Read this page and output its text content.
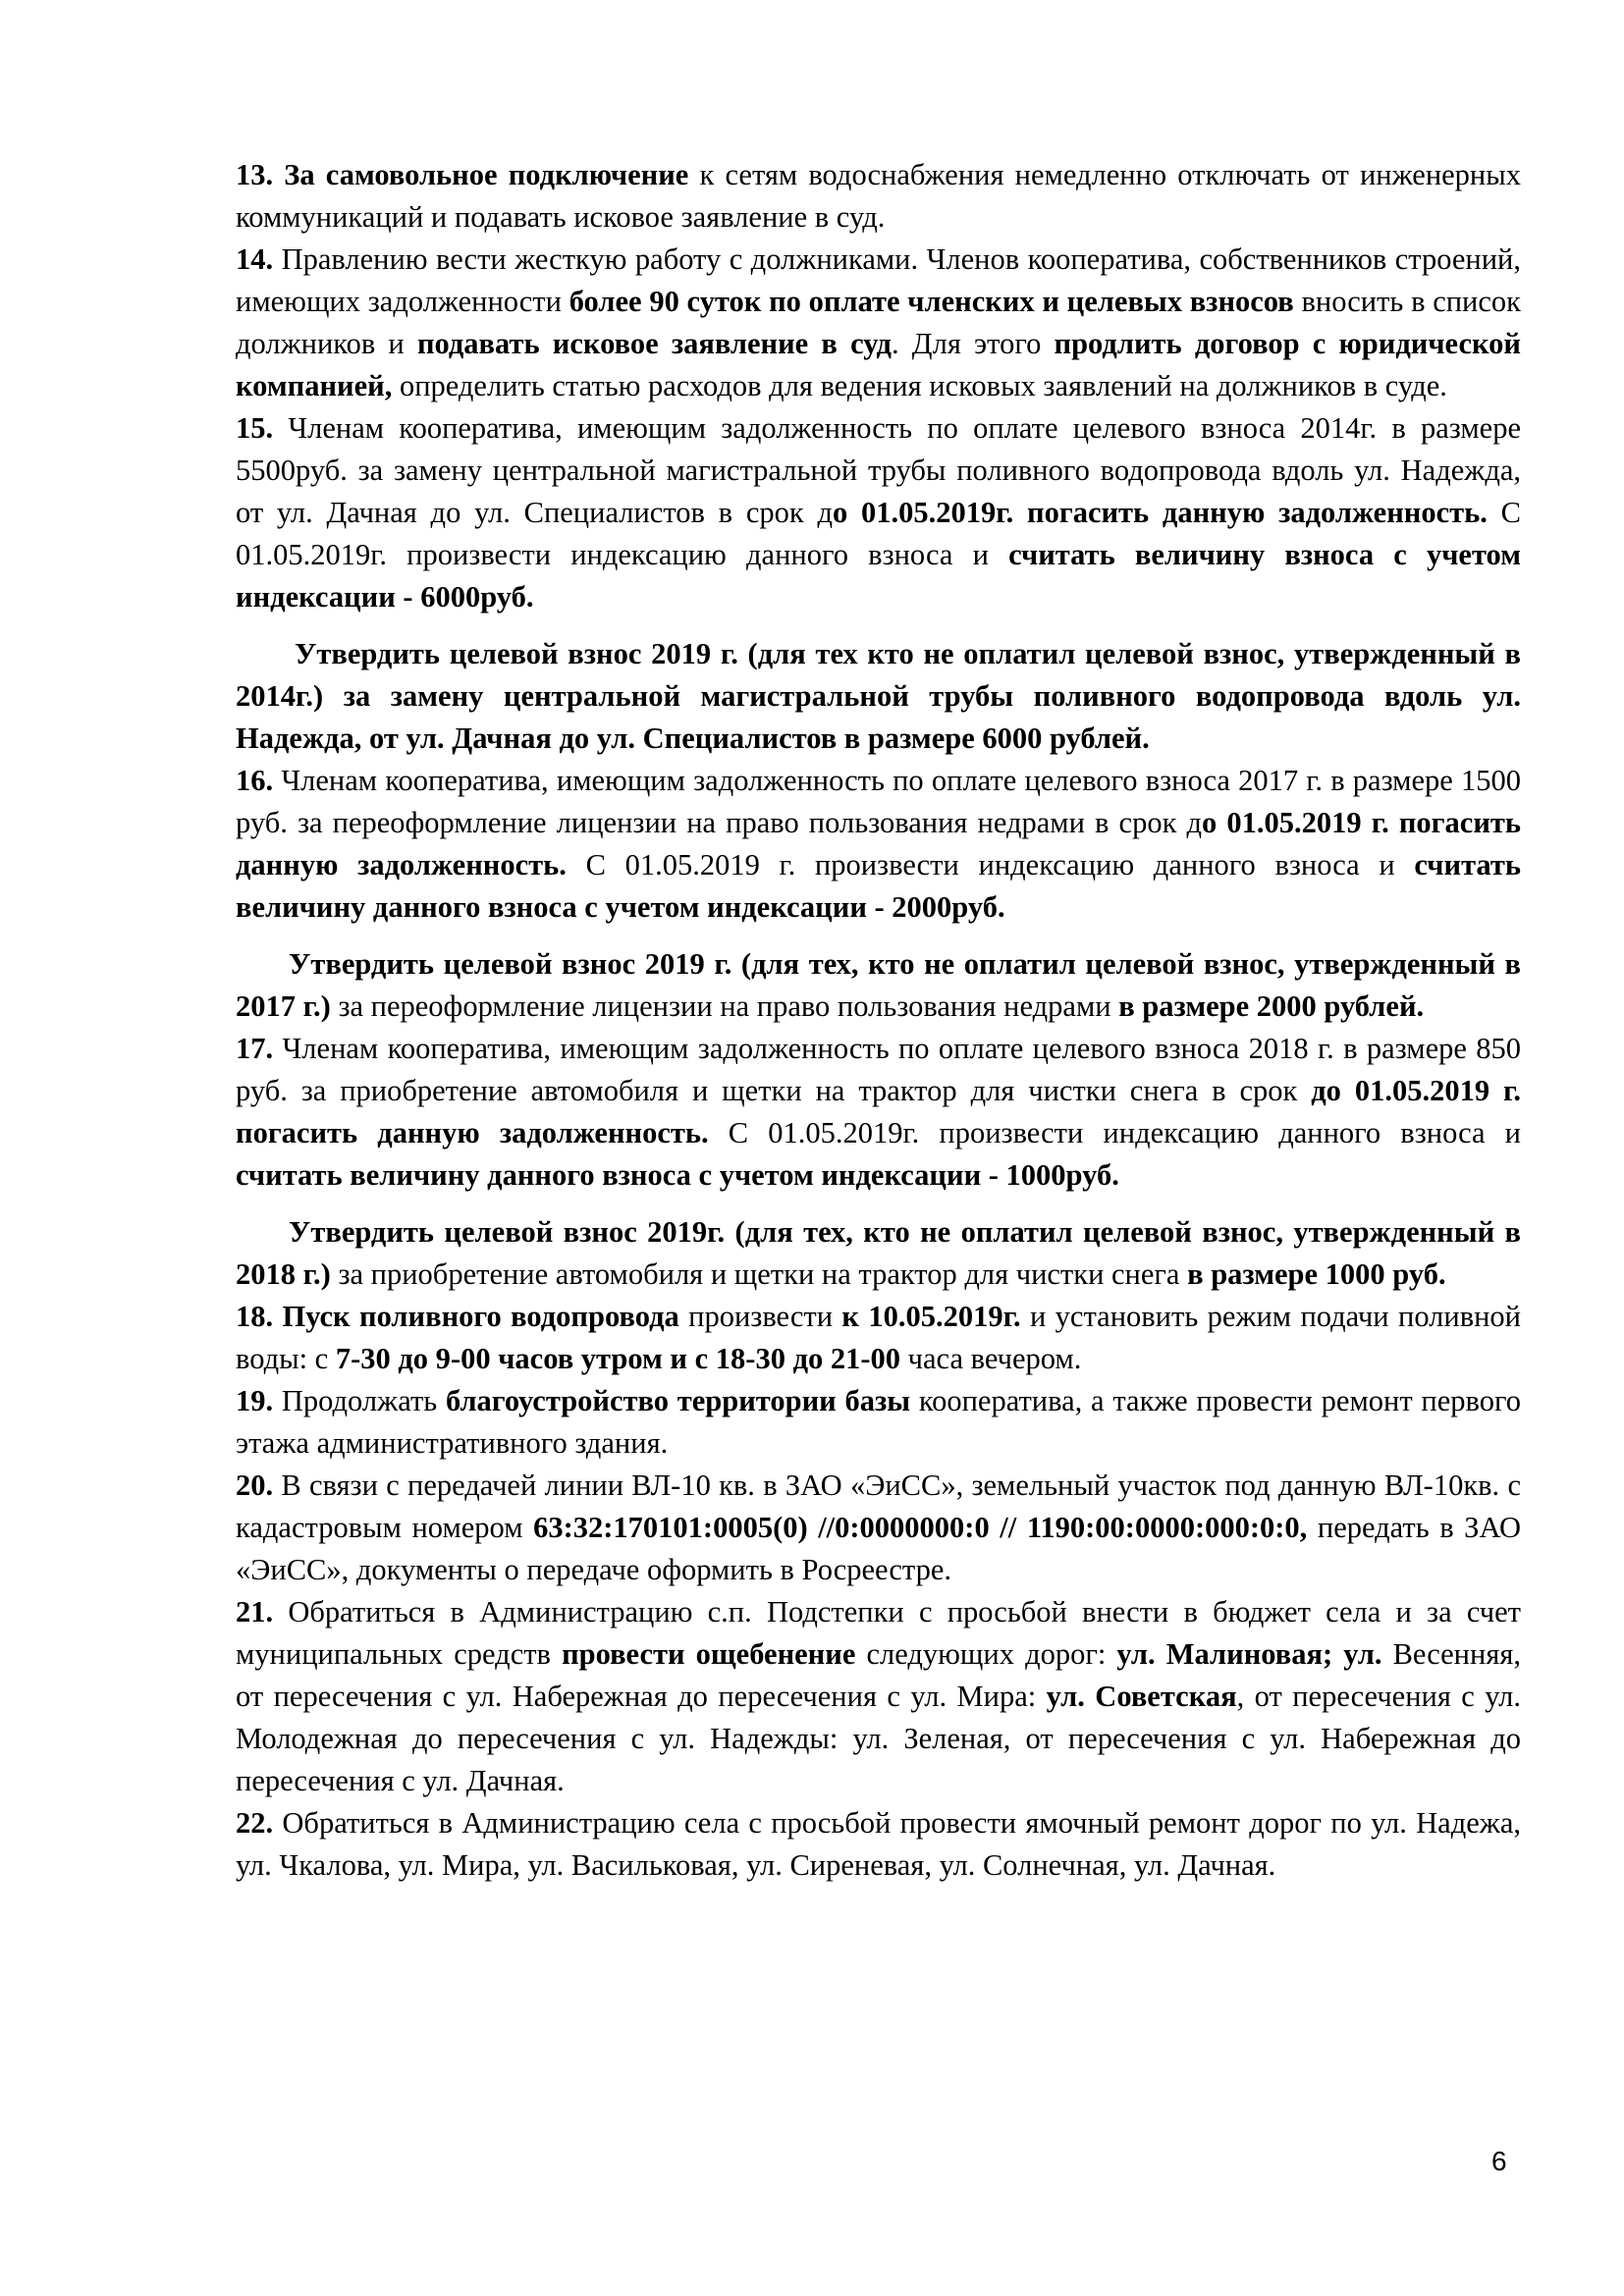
13. За самовольное подключение к сетям водоснабжения немедленно отключать от инженерных коммуникаций и подавать исковое заявление в суд.

14. Правлению вести жесткую работу с должниками. Членов кооператива, собственников строений, имеющих задолженности более 90 суток по оплате членских и целевых взносов вносить в список должников и подавать исковое заявление в суд. Для этого продлить договор с юридической компанией, определить статью расходов для ведения исковых заявлений на должников в суде.

15. Членам кооператива, имеющим задолженность по оплате целевого взноса 2014г. в размере 5500руб. за замену центральной магистральной трубы поливного водопровода вдоль ул. Надежда, от ул. Дачная до ул. Специалистов в срок до 01.05.2019г. погасить данную задолженность. С 01.05.2019г. произвести индексацию данного взноса и считать величину взноса с учетом индексации - 6000руб.

Утвердить целевой взнос 2019 г. (для тех кто не оплатил целевой взнос, утвержденный в 2014г.) за замену центральной магистральной трубы поливного водопровода вдоль ул. Надежда, от ул. Дачная до ул. Специалистов в размере 6000 рублей.

16. Членам кооператива, имеющим задолженность по оплате целевого взноса 2017 г. в размере 1500 руб. за переоформление лицензии на право пользования недрами в срок до 01.05.2019 г. погасить данную задолженность. С 01.05.2019 г. произвести индексацию данного взноса и считать величину данного взноса с учетом индексации - 2000руб.

Утвердить целевой взнос 2019 г. (для тех, кто не оплатил целевой взнос, утвержденный в 2017 г.) за переоформление лицензии на право пользования недрами в размере 2000 рублей.

17. Членам кооператива, имеющим задолженность по оплате целевого взноса 2018 г. в размере 850 руб. за приобретение автомобиля и щетки на трактор для чистки снега в срок до 01.05.2019 г. погасить данную задолженность. С 01.05.2019г. произвести индексацию данного взноса и считать величину данного взноса с учетом индексации - 1000руб.

Утвердить целевой взнос 2019г. (для тех, кто не оплатил целевой взнос, утвержденный в 2018 г.) за приобретение автомобиля и щетки на трактор для чистки снега в размере 1000 руб.

18. Пуск поливного водопровода произвести к 10.05.2019г. и установить режим подачи поливной воды: с 7-30 до 9-00 часов утром и с 18-30 до 21-00 часа вечером.

19. Продолжать благоустройство территории базы кооператива, а также провести ремонт первого этажа административного здания.

20. В связи с передачей линии ВЛ-10 кв. в ЗАО «ЭиСС», земельный участок под данную ВЛ-10кв. с кадастровым номером 63:32:170101:0005(0) //0:0000000:0 // 1190:00:0000:000:0:0, передать в ЗАО «ЭиСС», документы о передаче оформить в Росреестре.

21. Обратиться в Администрацию с.п. Подстепки с просьбой внести в бюджет села и за счет муниципальных средств провести ощебенение следующих дорог: ул. Малиновая; ул. Весенняя, от пересечения с ул. Набережная до пересечения с ул. Мира: ул. Советская, от пересечения с ул. Молодежная до пересечения с ул. Надежды: ул. Зеленая, от пересечения с ул. Набережная до пересечения с ул. Дачная.

22. Обратиться в Администрацию села с просьбой провести ямочный ремонт дорог по ул. Надежа, ул. Чкалова, ул. Мира, ул. Васильковая, ул. Сиреневая, ул. Солнечная, ул. Дачная.

6
